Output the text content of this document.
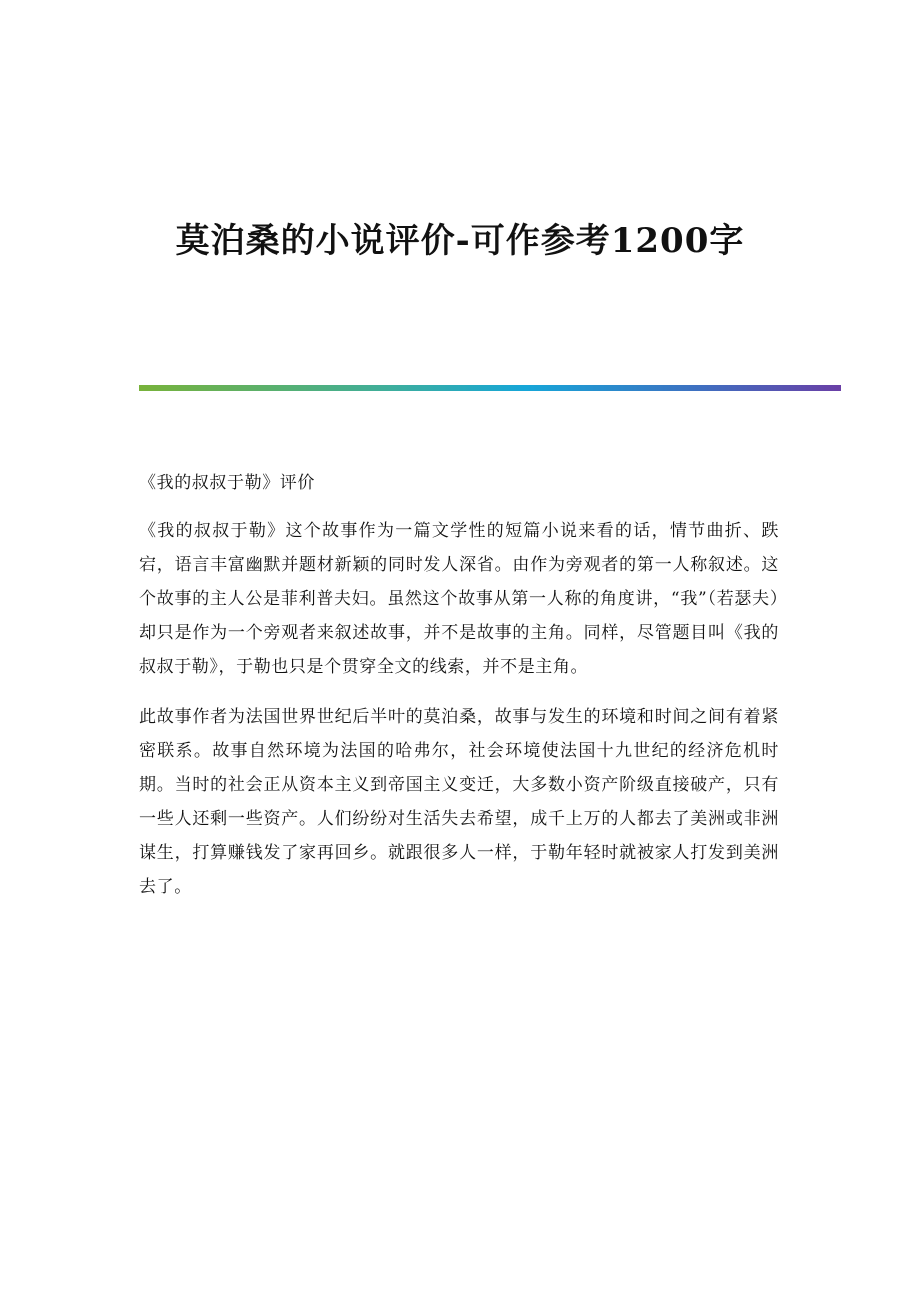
莫泊桑的小说评价-可作参考1200字

《我的叔叔于勒》评价

《我的叔叔于勒》这个故事作为一篇文学性的短篇小说来看的话，情节曲折、跌宕，语言丰富幽默并题材新颖的同时发人深省。由作为旁观者的第一人称叙述。这个故事的主人公是菲利普夫妇。虽然这个故事从第一人称的角度讲，“我”（若瑟夫）却只是作为一个旁观者来叙述故事，并不是故事的主角。同样，尽管题目叫《我的叔叔于勒》，于勒也只是个贯穿全文的线索，并不是主角。

此故事作者为法国世界世纪后半叶的莫泊桑，故事与发生的环境和时间之间有着紧密联系。故事自然环境为法国的哈弗尔，社会环境使法国十九世纪的经济危机时期。当时的社会正从资本主义到帝国主义变迁，大多数小资产阶级直接破产，只有一些人还剩一些资产。人们纷纷对生活失去希望，成千上万的人都去了美洲或非洲谋生，打算赚钱发了家再回乡。就跟很多人一样，于勒年轻时就被家人打发到美洲去了。
